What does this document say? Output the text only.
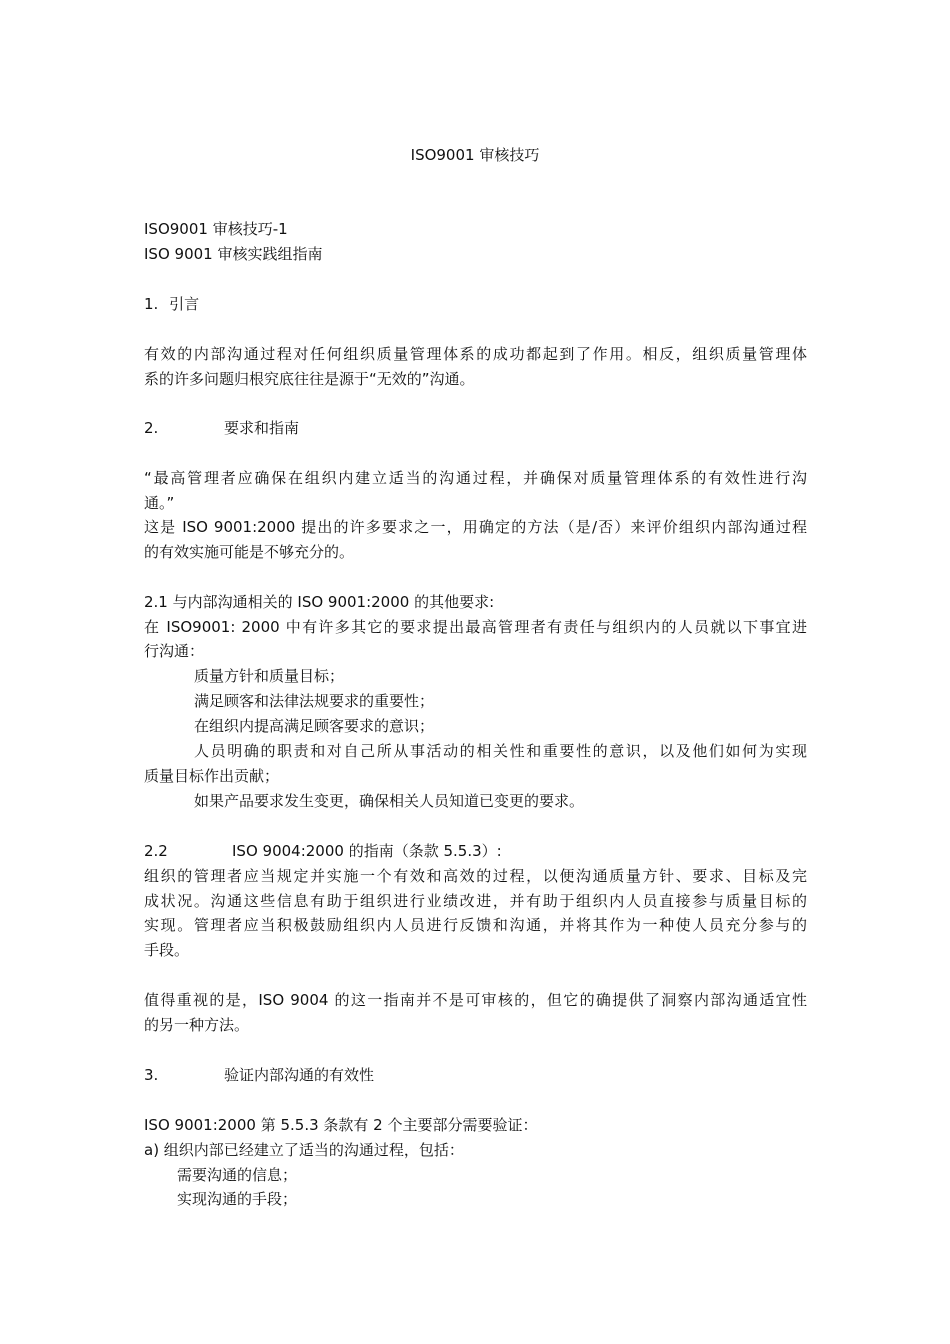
ISO9001 审核技巧
ISO9001 审核技巧-1
ISO 9001 审核实践组指南
1. 引言
有效的内部沟通过程对任何组织质量管理体系的成功都起到了作用。相反，组织质量管理体
系的许多问题归根究底往往是源于“无效的”沟通。
2.	要求和指南
“最高管理者应确保在组织内建立适当的沟通过程，并确保对质量管理体系的有效性进行沟
通。”
这是 ISO 9001:2000 提出的许多要求之一，用确定的方法（是/否）来评价组织内部沟通过程
的有效实施可能是不够充分的。
2.1 与内部沟通相关的 ISO 9001:2000 的其他要求:
在 ISO9001: 2000 中有许多其它的要求提出最高管理者有责任与组织内的人员就以下事宜进
行沟通：
质量方针和质量目标；
满足顾客和法律法规要求的重要性；
在组织内提高满足顾客要求的意识；
人员明确的职责和对自己所从事活动的相关性和重要性的意识，以及他们如何为实现
质量目标作出贡献；
如果产品要求发生变更，确保相关人员知道已变更的要求。
2.2	ISO 9004:2000 的指南（条款 5.5.3）:
组织的管理者应当规定并实施一个有效和高效的过程，以便沟通质量方针、要求、目标及完
成状况。沟通这些信息有助于组织进行业绩改进，并有助于组织内人员直接参与质量目标的
实现。管理者应当积极鼓励组织内人员进行反馈和沟通，并将其作为一种使人员充分参与的
手段。
值得重视的是，ISO 9004 的这一指南并不是可审核的，但它的确提供了洞察内部沟通适宜性
的另一种方法。
3.	验证内部沟通的有效性
ISO 9001:2000 第 5.5.3 条款有 2 个主要部分需要验证：
a) 组织内部已经建立了适当的沟通过程，包括：
需要沟通的信息；
实现沟通的手段；
